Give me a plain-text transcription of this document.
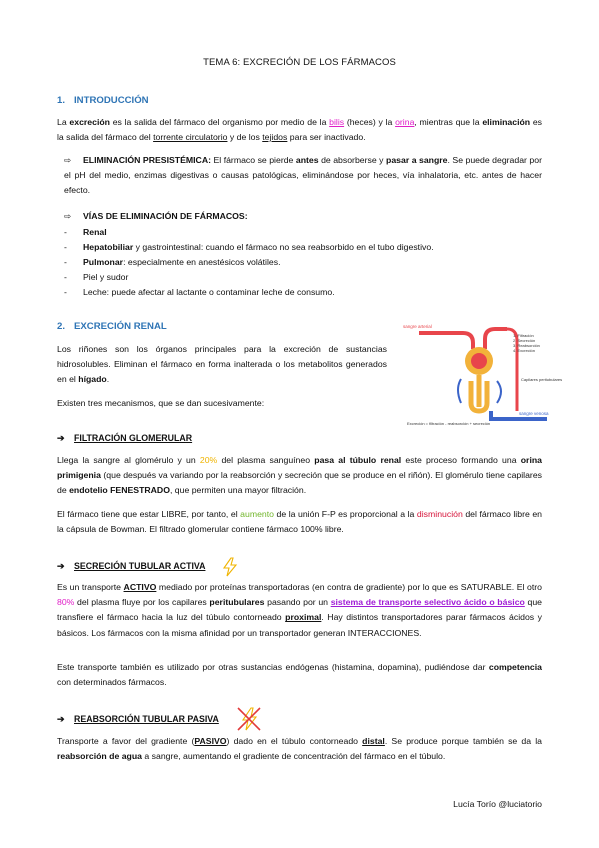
TEMA 6: EXCRECIÓN DE LOS FÁRMACOS
1. INTRODUCCIÓN

La excreción es la salida del fármaco del organismo por medio de la bilis (heces) y la orina, mientras que la eliminación es la salida del fármaco del torrente circulatorio y de los tejidos para ser inactivado.

⇨ ELIMINACIÓN PRESISTÉMICA: El fármaco se pierde antes de absorberse y pasar a sangre. Se puede degradar por el pH del medio, enzimas digestivas o causas patológicas, eliminándose por heces, vía inhalatoria, etc. antes de hacer efecto.

⇨ VÍAS DE ELIMINACIÓN DE FÁRMACOS:
- Renal
- Hepatobiliar y gastrointestinal: cuando el fármaco no sea reabsorbido en el tubo digestivo.
- Pulmonar: especialmente en anestésicos volátiles.
- Piel y sudor
- Leche: puede afectar al lactante o contaminar leche de consumo.
2. EXCRECIÓN RENAL

Los riñones son los órganos principales para la excreción de sustancias hidrosolubles. Eliminan el fármaco en forma inalterada o los metabolitos generados en el hígado.

Existen tres mecanismos, que se dan sucesivamente:

sangre arterial
sangre venosa
1. Filtración
2. Secreción
3. Reabsorción
4. Excreción
Capilares peritubulares
Excreción = filtración - reabsorción + secreción
➔ FILTRACIÓN GLOMERULAR

Llega la sangre al glomérulo y un 20% del plasma sanguíneo pasa al túbulo renal este proceso formando una orina primigenia (que después va variando por la reabsorción y secreción que se produce en el riñón). El glomérulo tiene capilares de endotelio FENESTRADO, que permiten una mayor filtración.

El fármaco tiene que estar LIBRE, por tanto, el aumento de la unión F-P es proporcional a la disminución del fármaco libre en la cápsula de Bowman. El filtrado glomerular contiene fármaco 100% libre.

➔ SECRECIÓN TUBULAR ACTIVA

Es un transporte ACTIVO mediado por proteínas transportadoras (en contra de gradiente) por lo que es SATURABLE. El otro 80% del plasma fluye por los capilares peritubulares pasando por un sistema de transporte selectivo ácido o básico que transfiere el fármaco hacia la luz del túbulo contorneado proximal. Hay distintos transportadores parar fármacos ácidos y básicos. Los fármacos con la misma afinidad por un transportador generan INTERACCIONES.

Este transporte también es utilizado por otras sustancias endógenas (histamina, dopamina), pudiéndose dar competencia con determinados fármacos.

➔ REABSORCIÓN TUBULAR PASIVA

Transporte a favor del gradiente (PASIVO) dado en el túbulo contorneado distal. Se produce porque también se da la reabsorción de agua a sangre, aumentando el gradiente de concentración del fármaco en el túbulo.

Lucía Torío @luciatorio
